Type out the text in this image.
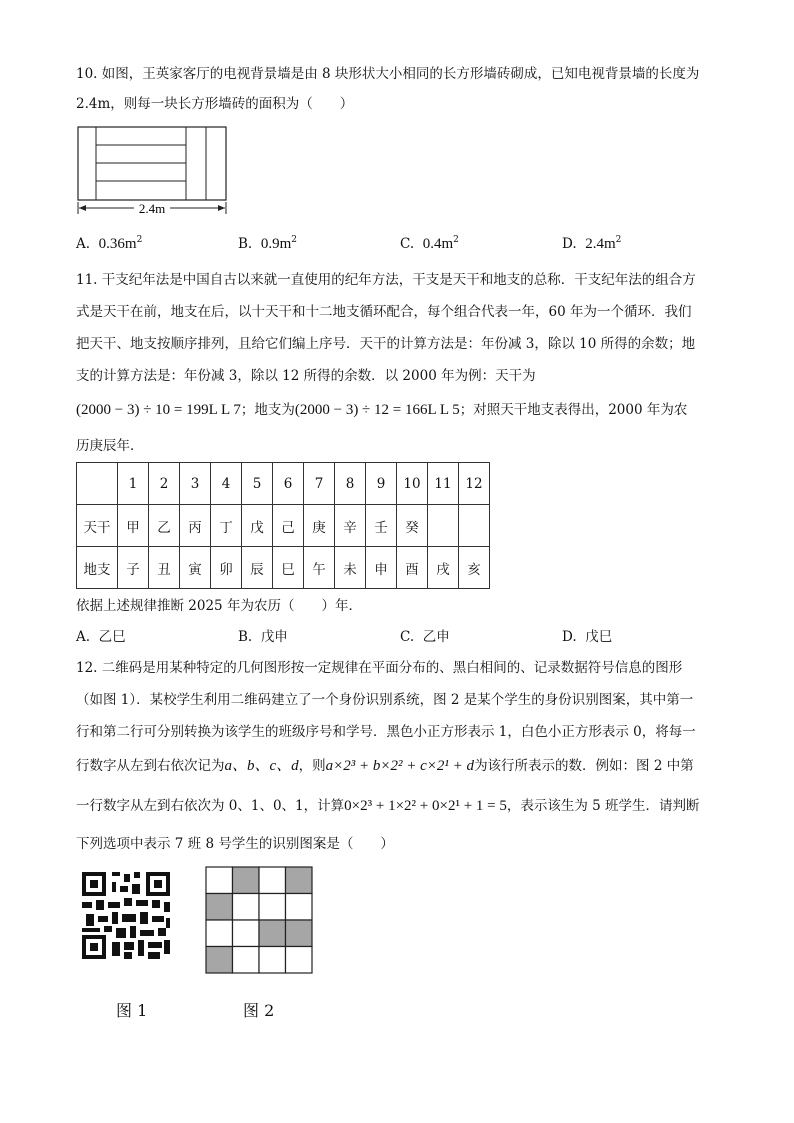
10. 如图，王英家客厅的电视背景墙是由 8 块形状大小相同的长方形墙砖砌成，已知电视背景墙的长度为
2.4m，则每一块长方形墙砖的面积为（　　）
2.4m
A. $0.36m^2$	B. $0.9m^2$	C. $0.4m^2$	D. $2.4m^2$
11. 干支纪年法是中国自古以来就一直使用的纪年方法，干支是天干和地支的总称．干支纪年法的组合方
式是天干在前，地支在后，以十天干和十二地支循环配合，每个组合代表一年，60 年为一个循环．我们
把天干、地支按顺序排列，且给它们编上序号．天干的计算方法是：年份减 3，除以 10 所得的余数；地
支的计算方法是：年份减 3，除以 12 所得的余数．以 2000 年为例：天干为
(2000 − 3) ÷ 10 = 199L L 7；地支为(2000 − 3) ÷ 12 = 166L L 5；对照天干地支表得出，2000 年为农
历庚辰年．
	1	2	3	4	5	6	7	8	9	10	11	12
天干	甲	乙	丙	丁	戊	己	庚	辛	壬	癸		
地支	子	丑	寅	卯	辰	巳	午	未	申	酉	戌	亥
依据上述规律推断 2025 年为农历（　　）年．
A. 乙巳	B. 戊申	C. 乙申	D. 戊巳
12. 二维码是用某种特定的几何图形按一定规律在平面分布的、黑白相间的、记录数据符号信息的图形
（如图 1）．某校学生利用二维码建立了一个身份识别系统，图 2 是某个学生的身份识别图案，其中第一
行和第二行可分别转换为该学生的班级序号和学号．黑色小正方形表示 1，白色小正方形表示 0，将每一
行数字从左到右依次记为a、b、c、d，则a×2³ + b×2² + c×2¹ + d为该行所表示的数．例如：图 2 中第
一行数字从左到右依次为 0、1、0、1，计算0×2³ + 1×2² + 0×2¹ + 1 = 5，表示该生为 5 班学生．请判断
下列选项中表示 7 班 8 号学生的识别图案是（　　）
图 1	图 2
